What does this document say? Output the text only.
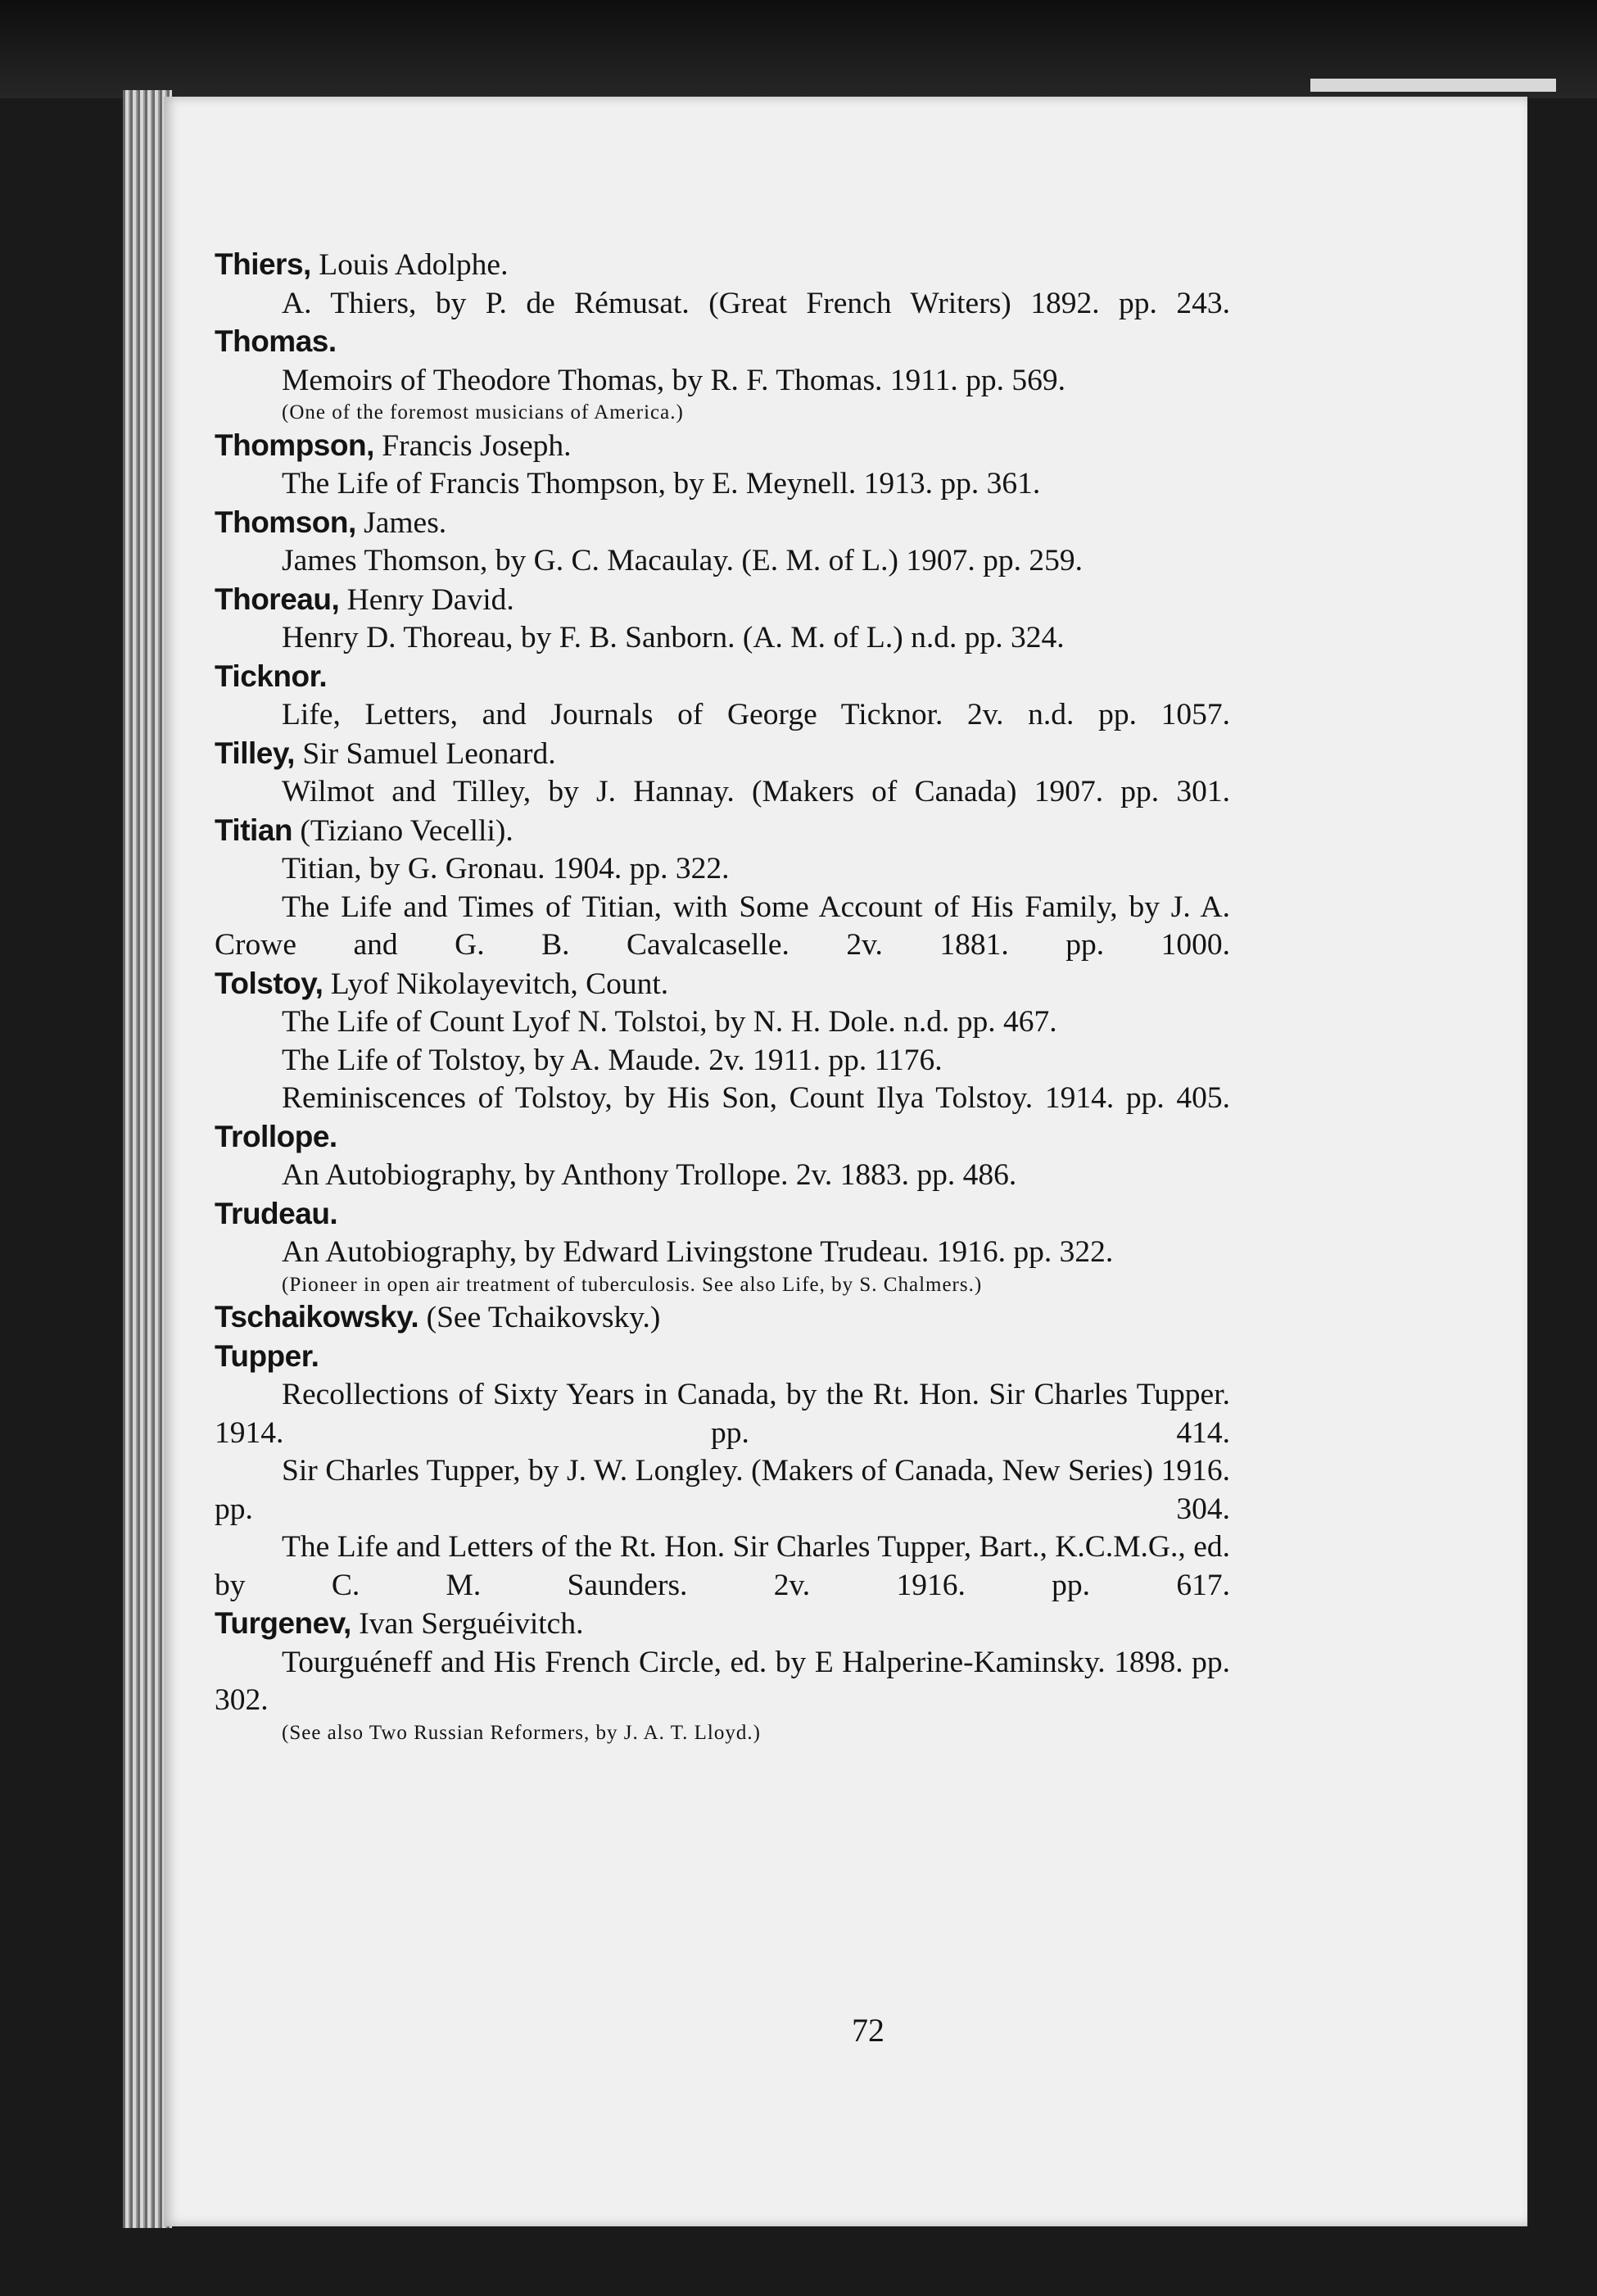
Thiers, Louis Adolphe.

A. Thiers, by P. de Rémusat. (Great French Writers) 1892. pp. 243.

Thomas.

Memoirs of Theodore Thomas, by R. F. Thomas. 1911. pp. 569.

(One of the foremost musicians of America.)

Thompson, Francis Joseph.

The Life of Francis Thompson, by E. Meynell. 1913. pp. 361.

Thomson, James.

James Thomson, by G. C. Macaulay. (E. M. of L.) 1907. pp. 259.

Thoreau, Henry David.

Henry D. Thoreau, by F. B. Sanborn. (A. M. of L.) n.d. pp. 324.

Ticknor.

Life, Letters, and Journals of George Ticknor. 2v. n.d. pp. 1057.

Tilley, Sir Samuel Leonard.

Wilmot and Tilley, by J. Hannay. (Makers of Canada) 1907. pp. 301.

Titian (Tiziano Vecelli).

Titian, by G. Gronau. 1904. pp. 322.

The Life and Times of Titian, with Some Account of His Family, by J. A. Crowe and G. B. Cavalcaselle. 2v. 1881. pp. 1000.

Tolstoy, Lyof Nikolayevitch, Count.

The Life of Count Lyof N. Tolstoi, by N. H. Dole. n.d. pp. 467.

The Life of Tolstoy, by A. Maude. 2v. 1911. pp. 1176.

Reminiscences of Tolstoy, by His Son, Count Ilya Tolstoy. 1914. pp. 405.

Trollope.

An Autobiography, by Anthony Trollope. 2v. 1883. pp. 486.

Trudeau.

An Autobiography, by Edward Livingstone Trudeau. 1916. pp. 322.

(Pioneer in open air treatment of tuberculosis. See also Life, by S. Chalmers.)

Tschaikowsky. (See Tchaikovsky.)

Tupper.

Recollections of Sixty Years in Canada, by the Rt. Hon. Sir Charles Tupper. 1914. pp. 414.

Sir Charles Tupper, by J. W. Longley. (Makers of Canada, New Series) 1916. pp. 304.

The Life and Letters of the Rt. Hon. Sir Charles Tupper, Bart., K.C.M.G., ed. by C. M. Saunders. 2v. 1916. pp. 617.

Turgenev, Ivan Serguéivitch.

Tourguéneff and His French Circle, ed. by E Halperine-Kaminsky. 1898. pp. 302.

(See also Two Russian Reformers, by J. A. T. Lloyd.)

72
